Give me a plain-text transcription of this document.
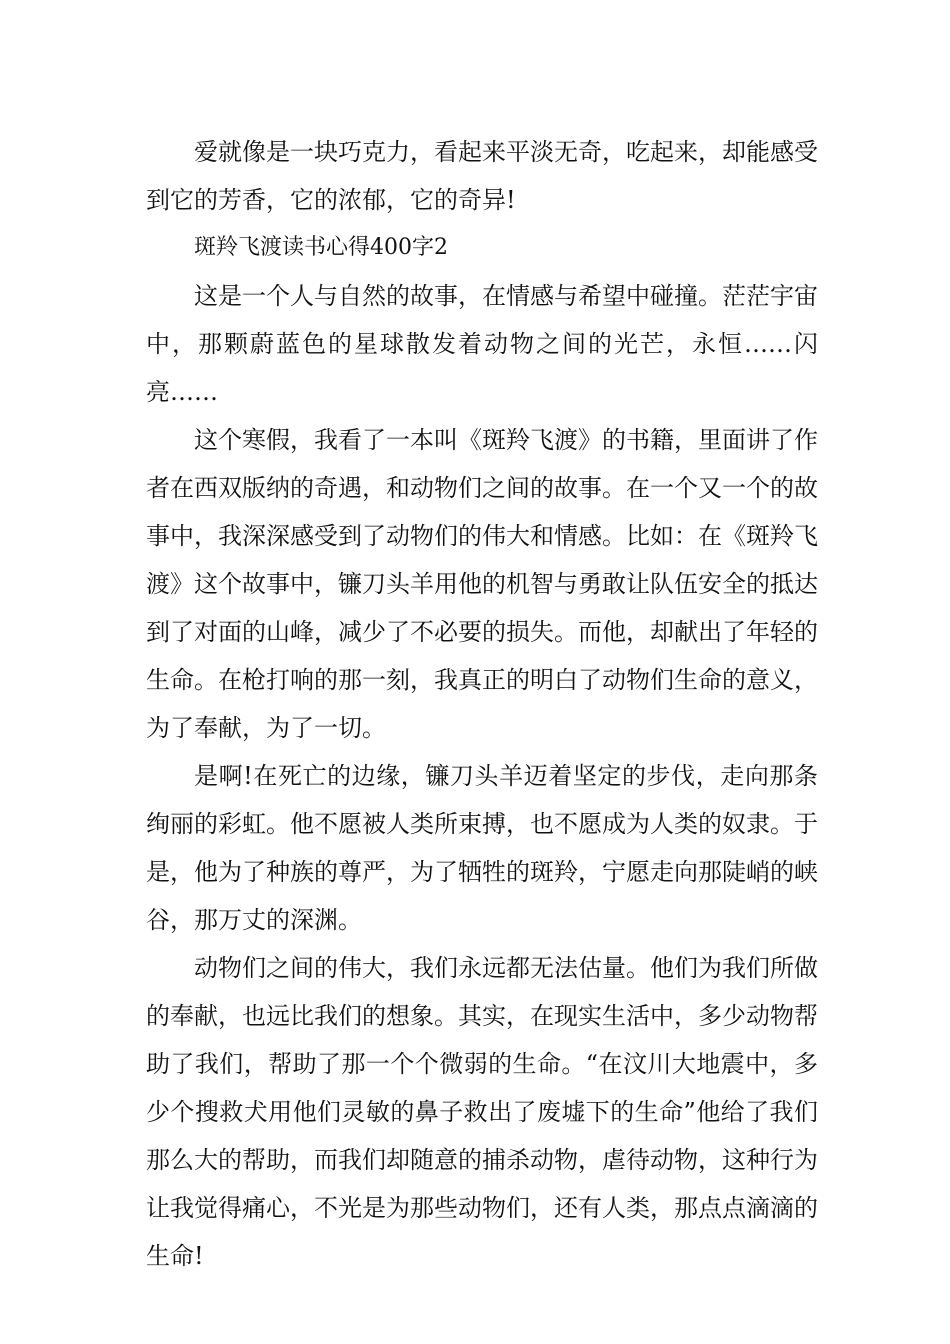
爱就像是一块巧克力，看起来平淡无奇，吃起来，却能感受到它的芳香，它的浓郁，它的奇异!

斑羚飞渡读书心得400字2

这是一个人与自然的故事，在情感与希望中碰撞。茫茫宇宙中，那颗蔚蓝色的星球散发着动物之间的光芒，永恒……闪亮……

这个寒假，我看了一本叫《斑羚飞渡》的书籍，里面讲了作者在西双版纳的奇遇，和动物们之间的故事。在一个又一个的故事中，我深深感受到了动物们的伟大和情感。比如：在《斑羚飞渡》这个故事中，镰刀头羊用他的机智与勇敢让队伍安全的抵达到了对面的山峰，减少了不必要的损失。而他，却献出了年轻的生命。在枪打响的那一刻，我真正的明白了动物们生命的意义，为了奉献，为了一切。

是啊!在死亡的边缘，镰刀头羊迈着坚定的步伐，走向那条绚丽的彩虹。他不愿被人类所束搏，也不愿成为人类的奴隶。于是，他为了种族的尊严，为了牺牲的斑羚，宁愿走向那陡峭的峡谷，那万丈的深渊。

动物们之间的伟大，我们永远都无法估量。他们为我们所做的奉献，也远比我们的想象。其实，在现实生活中，多少动物帮助了我们，帮助了那一个个微弱的生命。“在汶川大地震中，多少个搜救犬用他们灵敏的鼻子救出了废墟下的生命”他给了我们那么大的帮助，而我们却随意的捕杀动物，虐待动物，这种行为让我觉得痛心，不光是为那些动物们，还有人类，那点点滴滴的生命!
